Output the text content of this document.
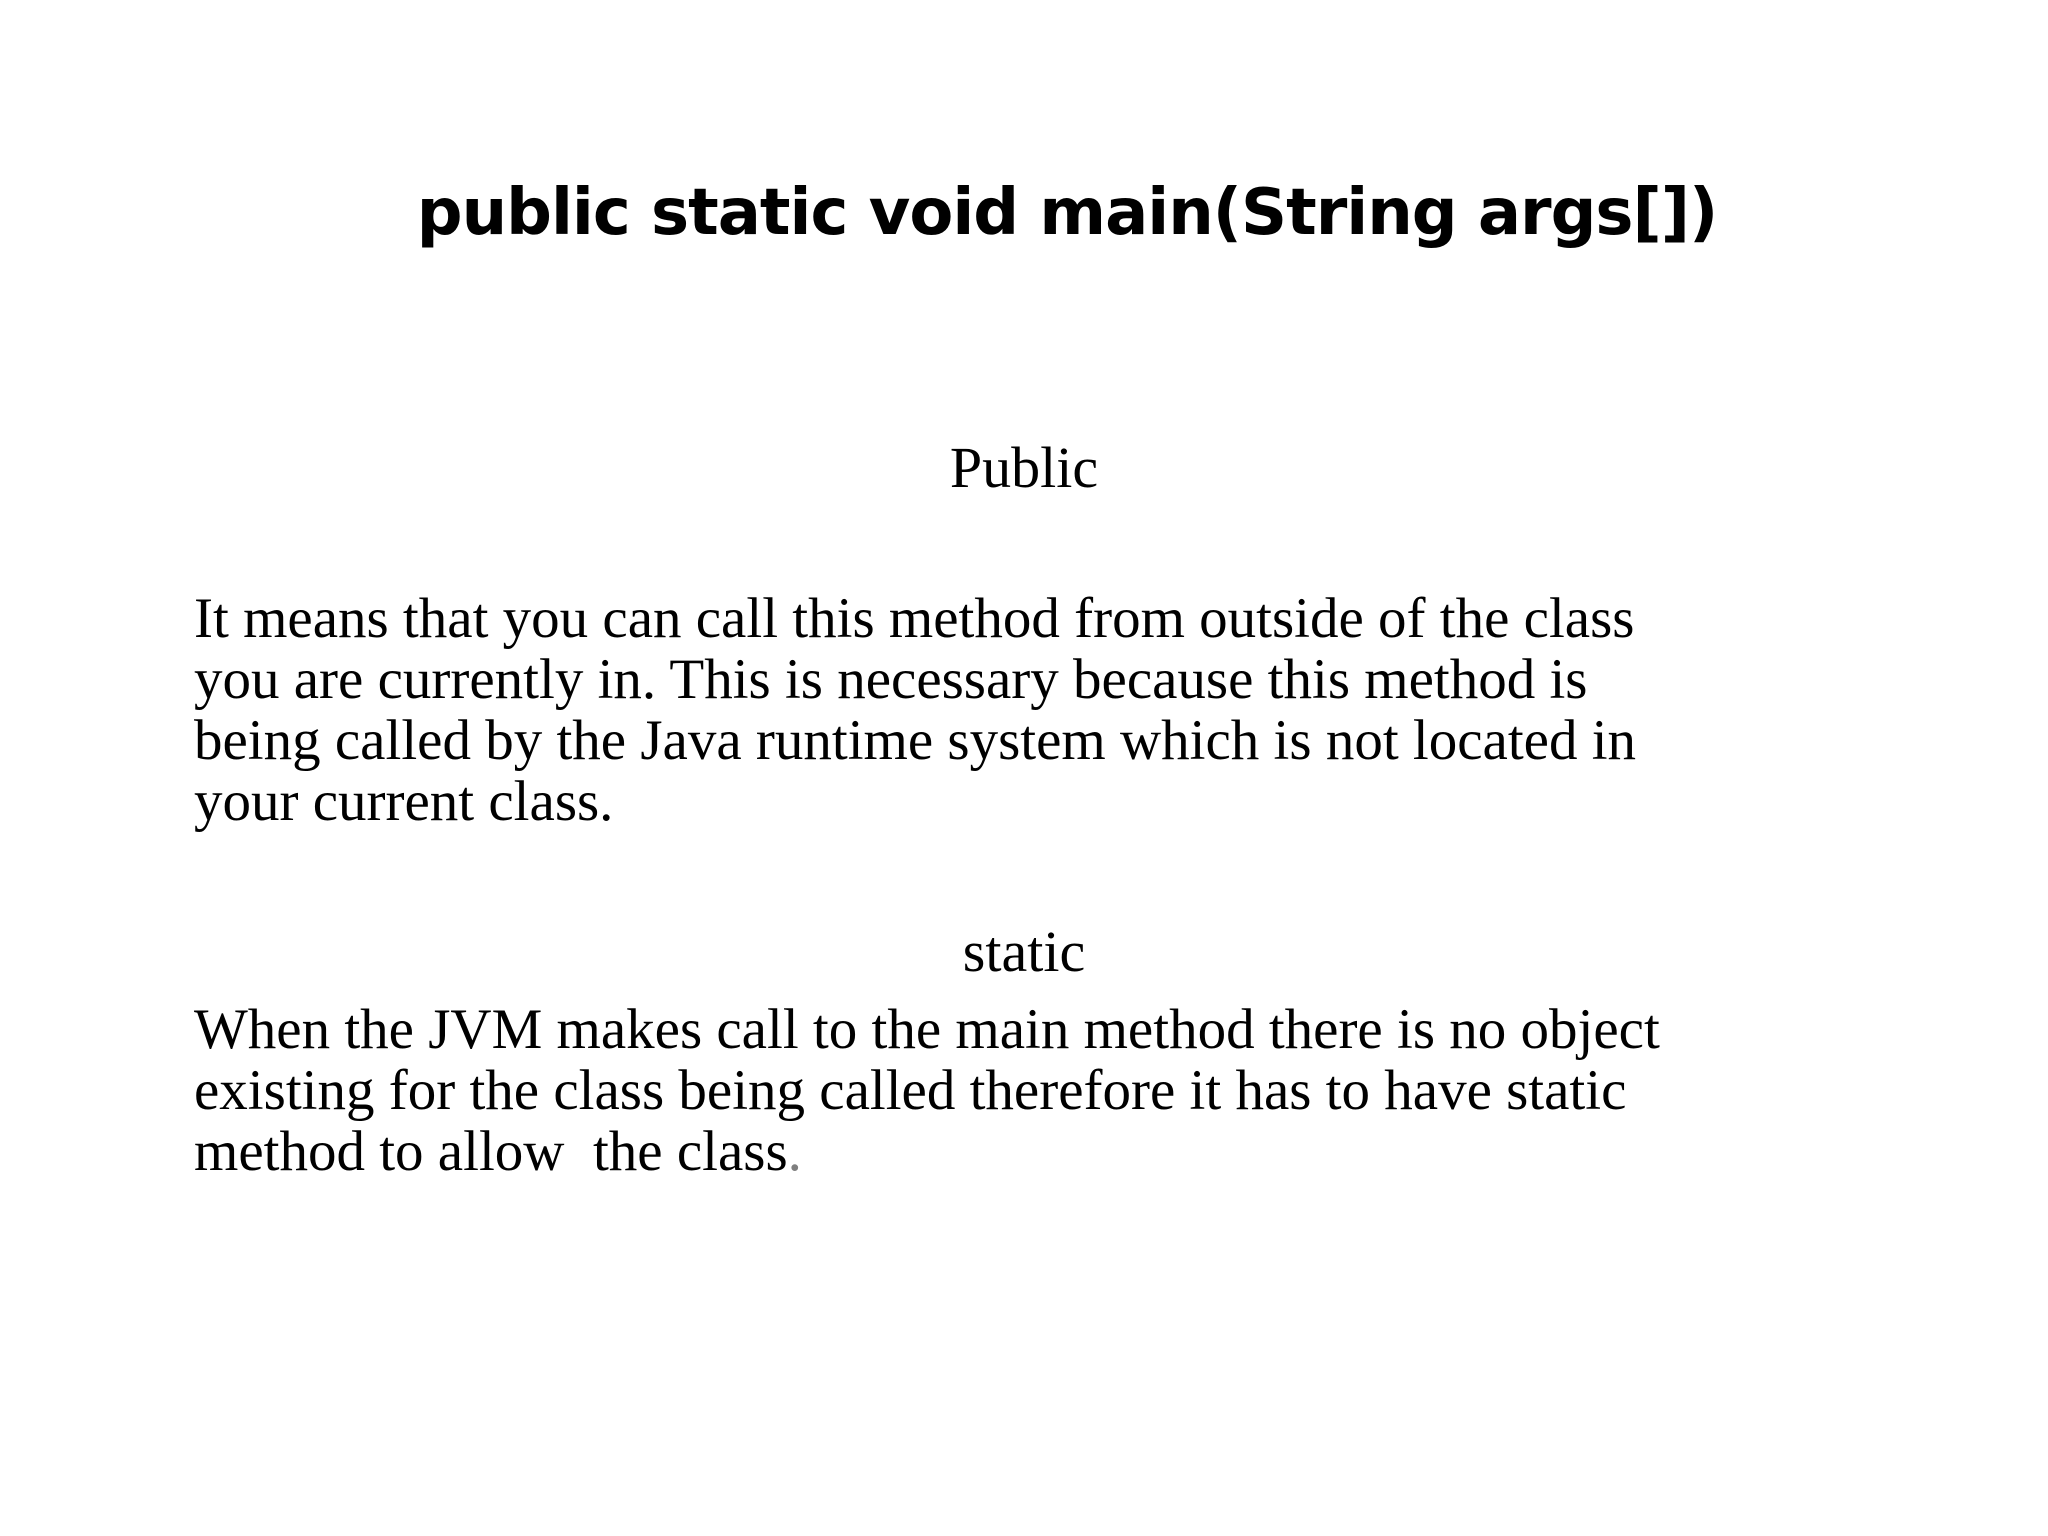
public static void main(String args[])
Public
It means that you can call this method from outside of the class
you are currently in. This is necessary because this method is
being called by the Java runtime system which is not located in
your current class.
static
When the JVM makes call to the main method there is no object
existing for the class being called therefore it has to have static
method to allow  the class.
